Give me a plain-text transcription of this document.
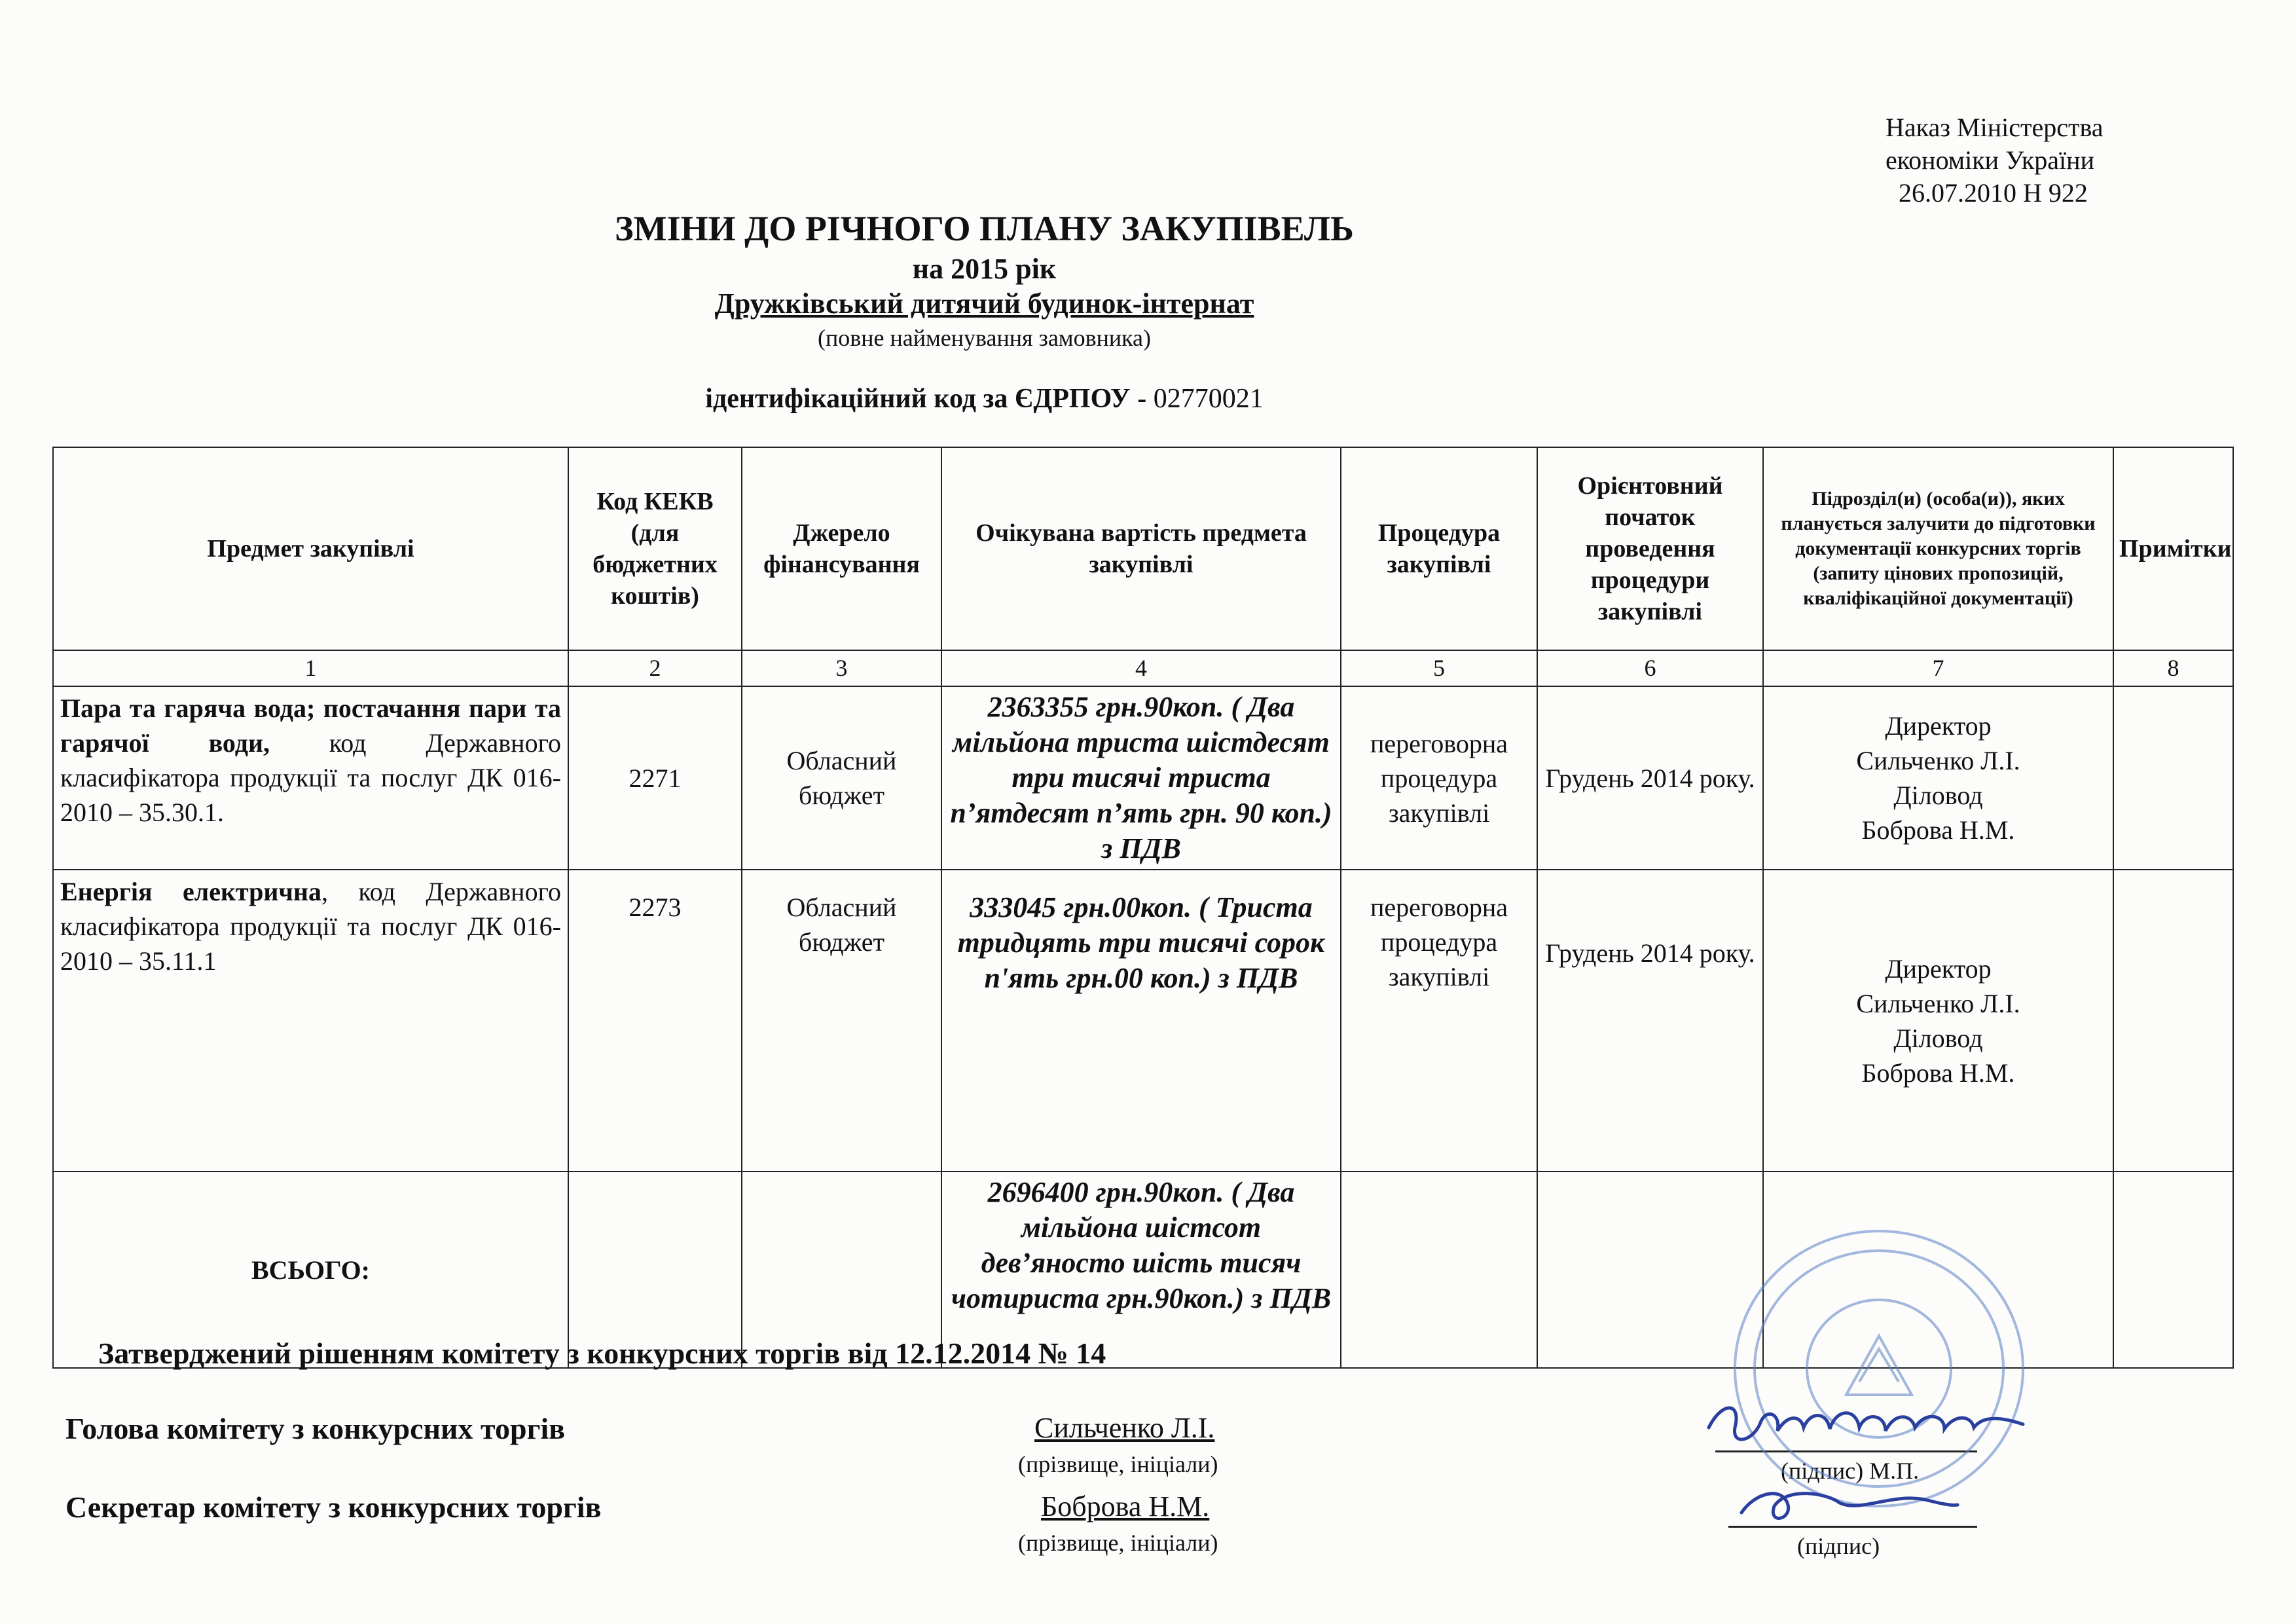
Наказ Міністерства
економіки України
26.07.2010 Н 922
ЗМІНИ ДО РІЧНОГО ПЛАНУ ЗАКУПІВЕЛЬ
на 2015 рік
Дружківський дитячий будинок-інтернат
(повне найменування замовника)
ідентифікаційний код за ЄДРПОУ - 02770021
Предмет закупівлі	Код КЕКВ (для бюджетних коштів)	Джерело фінансування	Очікувана вартість предмета закупівлі	Процедура закупівлі	Орієнтовний початок проведення процедури закупівлі	Підрозділ(и) (особа(и)), яких планується залучити до підготовки документації конкурсних торгів (запиту цінових пропозицій, кваліфікаційної документації)	Примітки
1	2	3	4	5	6	7	8
Пара та гаряча вода; постачання пари та гарячої води, код Державного класифікатора продукції та послуг ДК 016-2010 – 35.30.1.	2271	Обласний бюджет	2363355 грн.90коп. ( Два мільйона триста шістдесят три тисячі триста п’ятдесят п’ять грн. 90 коп.) з ПДВ	переговорна процедура закупівлі	Грудень 2014 року.	Директор
Сильченко Л.І.
Діловод
Боброва Н.М.	

Енергія електрична, код Державного класифікатора продукції та послуг ДК 016-2010 – 35.11.1	2273	Обласний бюджет	333045 грн.00коп. ( Триста тридцять три тисячі сорок п'ять грн.00 коп.) з ПДВ	переговорна процедура закупівлі	Грудень 2014 року.	Директор
Сильченко Л.І.
Діловод
Боброва Н.М.	

ВСЬОГО:			2696400 грн.90коп. ( Два мільйона шістсот дев’яносто шість тисяч чотириста грн.90коп.) з ПДВ				
Затверджений рішенням комітету з конкурсних торгів від 12.12.2014 № 14
Голова комітету з конкурсних торгів	Сильченко Л.І.
(прізвище, ініціали)
Секретар комітету з конкурсних торгів	Боброва Н.М.
(прізвище, ініціали)
(підпис) М.П.
(підпис)
